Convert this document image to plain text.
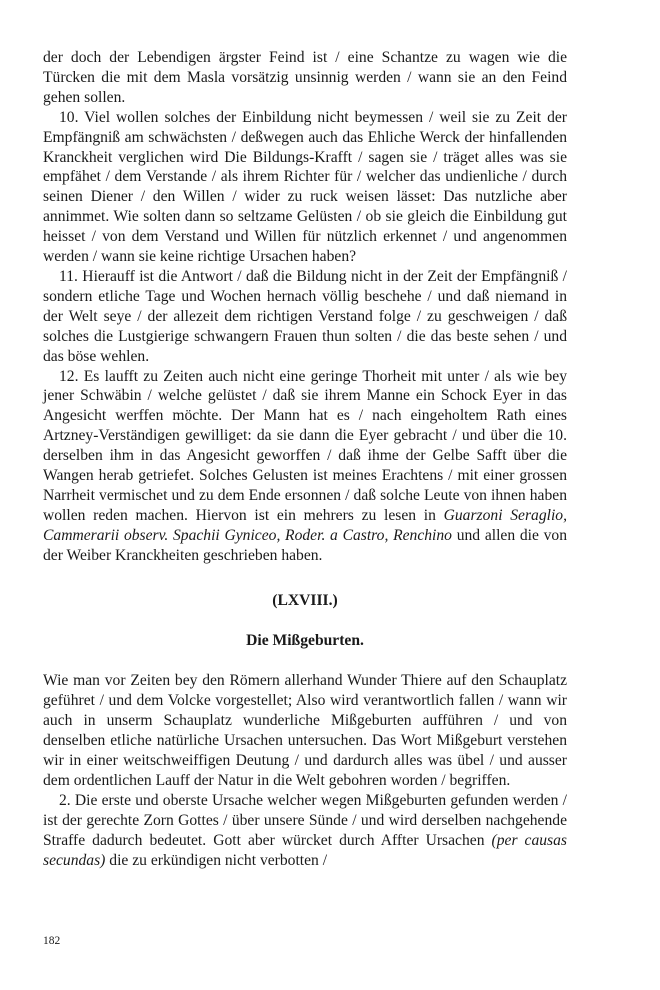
der doch der Lebendigen ärgster Feind ist / eine Schantze zu wagen wie die Türcken die mit dem Masla vorsätzig unsinnig werden / wann sie an den Feind gehen sollen.

10. Viel wollen solches der Einbildung nicht beymessen / weil sie zu Zeit der Empfängniß am schwächsten / deßwegen auch das Ehliche Werck der hinfallenden Kranckheit verglichen wird Die Bildungs-Krafft / sagen sie / träget alles was sie empfähet / dem Verstande / als ihrem Richter für / welcher das undienliche / durch seinen Diener / den Willen / wider zu ruck weisen lässet: Das nutzliche aber annimmet. Wie solten dann so seltzame Gelüsten / ob sie gleich die Einbildung gut heisset / von dem Verstand und Willen für nützlich erkennet / und angenommen werden / wann sie keine richtige Ursachen haben?

11. Hierauff ist die Antwort / daß die Bildung nicht in der Zeit der Empfängniß / sondern etliche Tage und Wochen hernach völlig beschehe / und daß niemand in der Welt seye / der allezeit dem richtigen Verstand folge / zu geschweigen / daß solches die Lustgierige schwangern Frauen thun solten / die das beste sehen / und das böse wehlen.

12. Es laufft zu Zeiten auch nicht eine geringe Thorheit mit unter / als wie bey jener Schwäbin / welche gelüstet / daß sie ihrem Manne ein Schock Eyer in das Angesicht werffen möchte. Der Mann hat es / nach eingeholtem Rath eines Artzney-Verständigen gewilliget: da sie dann die Eyer gebracht / und über die 10. derselben ihm in das Angesicht geworffen / daß ihme der Gelbe Safft über die Wangen herab getriefet. Solches Gelusten ist meines Erachtens / mit einer grossen Narrheit vermischet und zu dem Ende ersonnen / daß solche Leute von ihnen haben wollen reden machen. Hiervon ist ein mehrers zu lesen in Guarzoni Seraglio, Cammerarii observ. Spachii Gyniceo, Roder. a Castro, Renchino und allen die von der Weiber Kranckheiten geschrieben haben.

(LXVIII.)

Die Mißgeburten.

Wie man vor Zeiten bey den Römern allerhand Wunder Thiere auf den Schauplatz geführet / und dem Volcke vorgestellet; Also wird verantwortlich fallen / wann wir auch in unserm Schauplatz wunderliche Mißgeburten aufführen / und von denselben etliche natürliche Ursachen untersuchen. Das Wort Mißgeburt verstehen wir in einer weitschweiffigen Deutung / und dardurch alles was übel / und ausser dem ordentlichen Lauff der Natur in die Welt gebohren worden / begriffen.

2. Die erste und oberste Ursache welcher wegen Mißgeburten gefunden werden / ist der gerechte Zorn Gottes / über unsere Sünde / und wird derselben nachgehende Straffe dadurch bedeutet. Gott aber würcket durch Affter Ursachen (per causas secundas) die zu erkündigen nicht verbotten /

182
